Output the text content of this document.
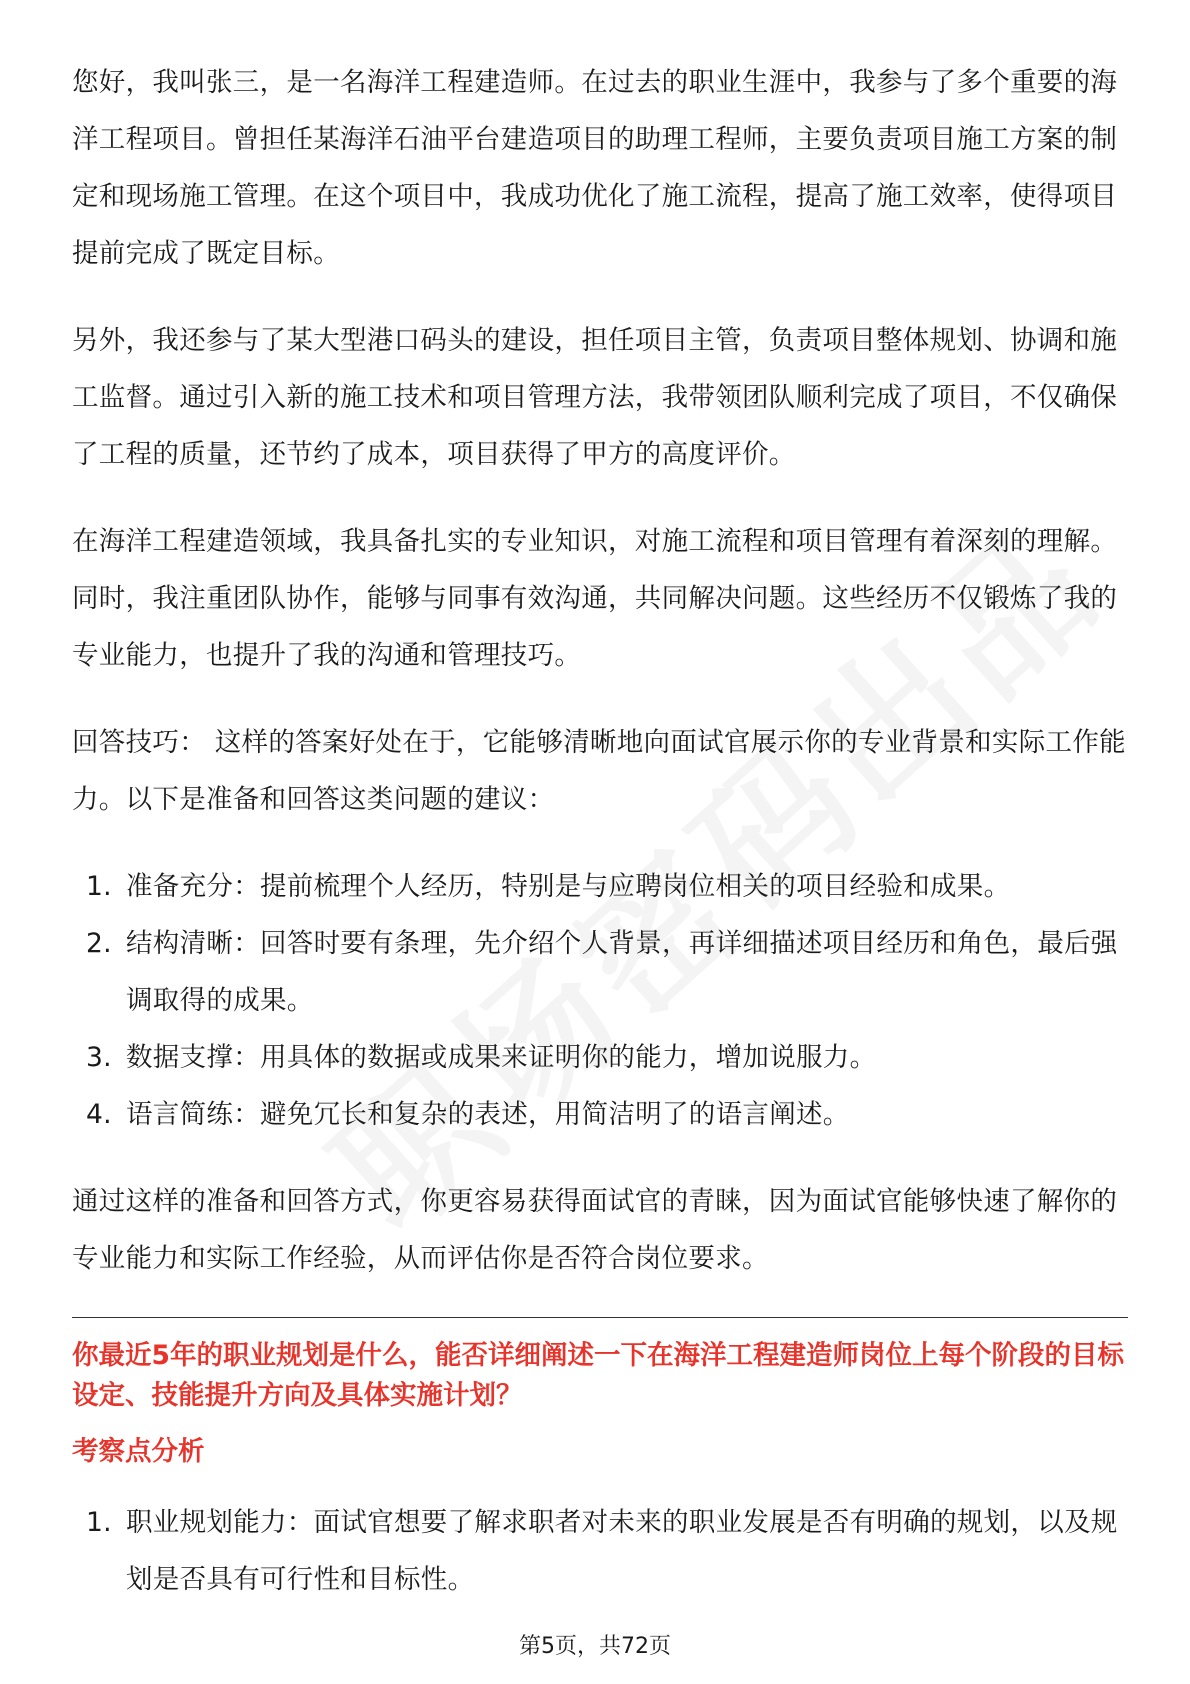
您好，我叫张三，是一名海洋工程建造师。在过去的职业生涯中，我参与了多个重要的海洋工程项目。曾担任某海洋石油平台建造项目的助理工程师，主要负责项目施工方案的制定和现场施工管理。在这个项目中，我成功优化了施工流程，提高了施工效率，使得项目提前完成了既定目标。

另外，我还参与了某大型港口码头的建设，担任项目主管，负责项目整体规划、协调和施工监督。通过引入新的施工技术和项目管理方法，我带领团队顺利完成了项目，不仅确保了工程的质量，还节约了成本，项目获得了甲方的高度评价。

在海洋工程建造领域，我具备扎实的专业知识，对施工流程和项目管理有着深刻的理解。同时，我注重团队协作，能够与同事有效沟通，共同解决问题。这些经历不仅锻炼了我的专业能力，也提升了我的沟通和管理技巧。

回答技巧： 这样的答案好处在于，它能够清晰地向面试官展示你的专业背景和实际工作能力。以下是准备和回答这类问题的建议：

1. 准备充分：提前梳理个人经历，特别是与应聘岗位相关的项目经验和成果。
2. 结构清晰：回答时要有条理，先介绍个人背景，再详细描述项目经历和角色，最后强调取得的成果。
3. 数据支撑：用具体的数据或成果来证明你的能力，增加说服力。
4. 语言简练：避免冗长和复杂的表述，用简洁明了的语言阐述。

通过这样的准备和回答方式，你更容易获得面试官的青睐，因为面试官能够快速了解你的专业能力和实际工作经验，从而评估你是否符合岗位要求。

你最近5年的职业规划是什么，能否详细阐述一下在海洋工程建造师岗位上每个阶段的目标设定、技能提升方向及具体实施计划？
考察点分析
1. 职业规划能力：面试官想要了解求职者对未来的职业发展是否有明确的规划，以及规划是否具有可行性和目标性。
第5页，共72页
